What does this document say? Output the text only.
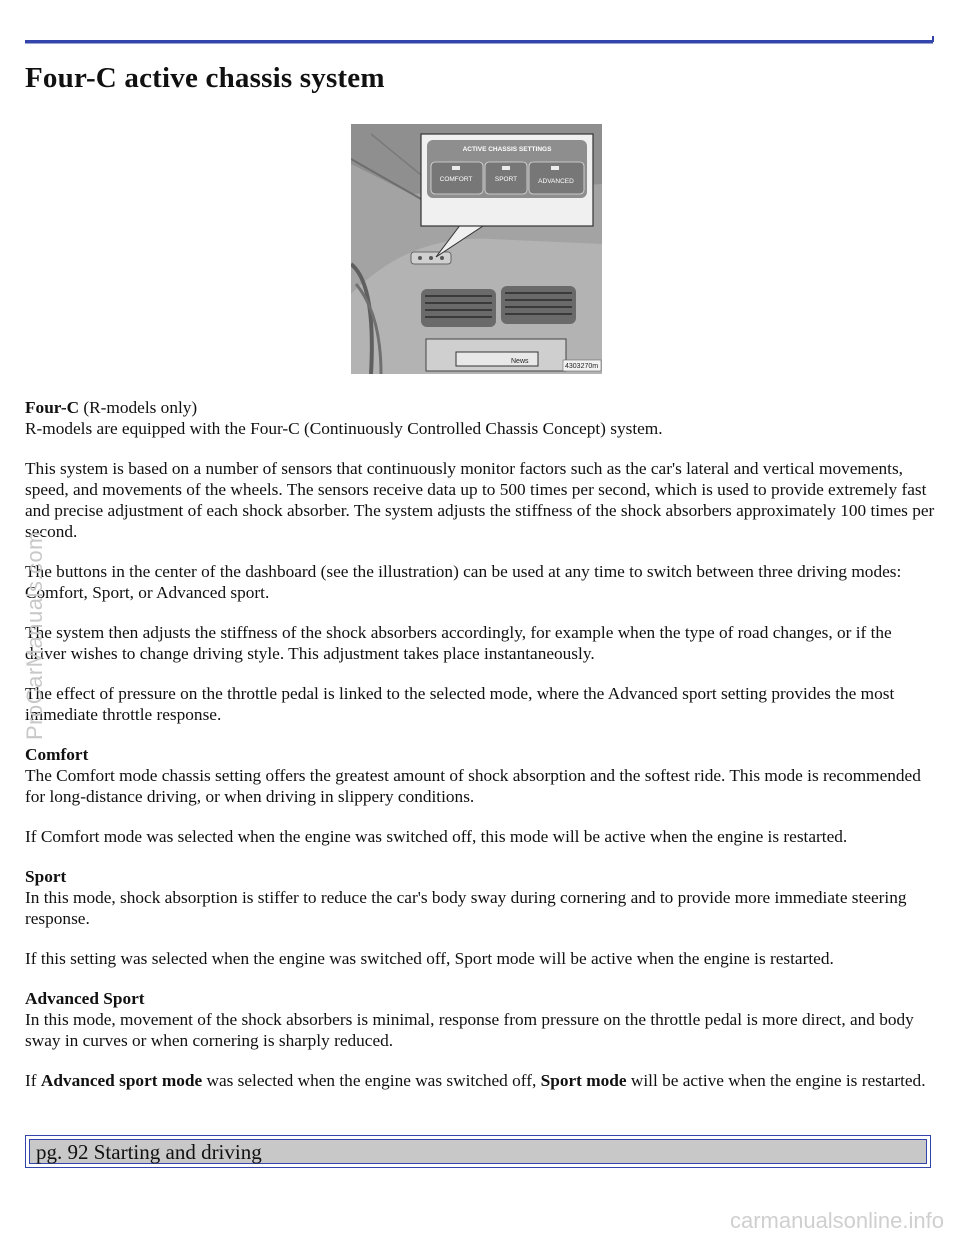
Four-C active chassis system
News
4303270m
ACTIVE CHASSIS SETTINGS
COMFORT	SPORT	ADVANCED

Four-C (R-models only)
R-models are equipped with the Four-C (Continuously Controlled Chassis Concept) system.

This system is based on a number of sensors that continuously monitor factors such as the car's lateral and vertical movements, speed, and movements of the wheels. The sensors receive data up to 500 times per second, which is used to provide extremely fast and precise adjustment of each shock absorber. The system adjusts the stiffness of the shock absorbers approximately 100 times per second.

The buttons in the center of the dashboard (see the illustration) can be used at any time to switch between three driving modes: Comfort, Sport, or Advanced sport.

The system then adjusts the stiffness of the shock absorbers accordingly, for example when the type of road changes, or if the driver wishes to change driving style. This adjustment takes place instantaneously.

The effect of pressure on the throttle pedal is linked to the selected mode, where the Advanced sport setting provides the most immediate throttle response.

Comfort
The Comfort mode chassis setting offers the greatest amount of shock absorption and the softest ride. This mode is recommended for long-distance driving, or when driving in slippery conditions.

If Comfort mode was selected when the engine was switched off, this mode will be active when the engine is restarted.

Sport
In this mode, shock absorption is stiffer to reduce the car's body sway during cornering and to provide more immediate steering response.

If this setting was selected when the engine was switched off, Sport mode will be active when the engine is restarted.

Advanced Sport
In this mode, movement of the shock absorbers is minimal, response from pressure on the throttle pedal is more direct, and body sway in curves or when cornering is sharply reduced.

If Advanced sport mode was selected when the engine was switched off, Sport mode will be active when the engine is restarted.

pg. 92 Starting and driving
ProCarManuals.com
carmanualsonline.info
